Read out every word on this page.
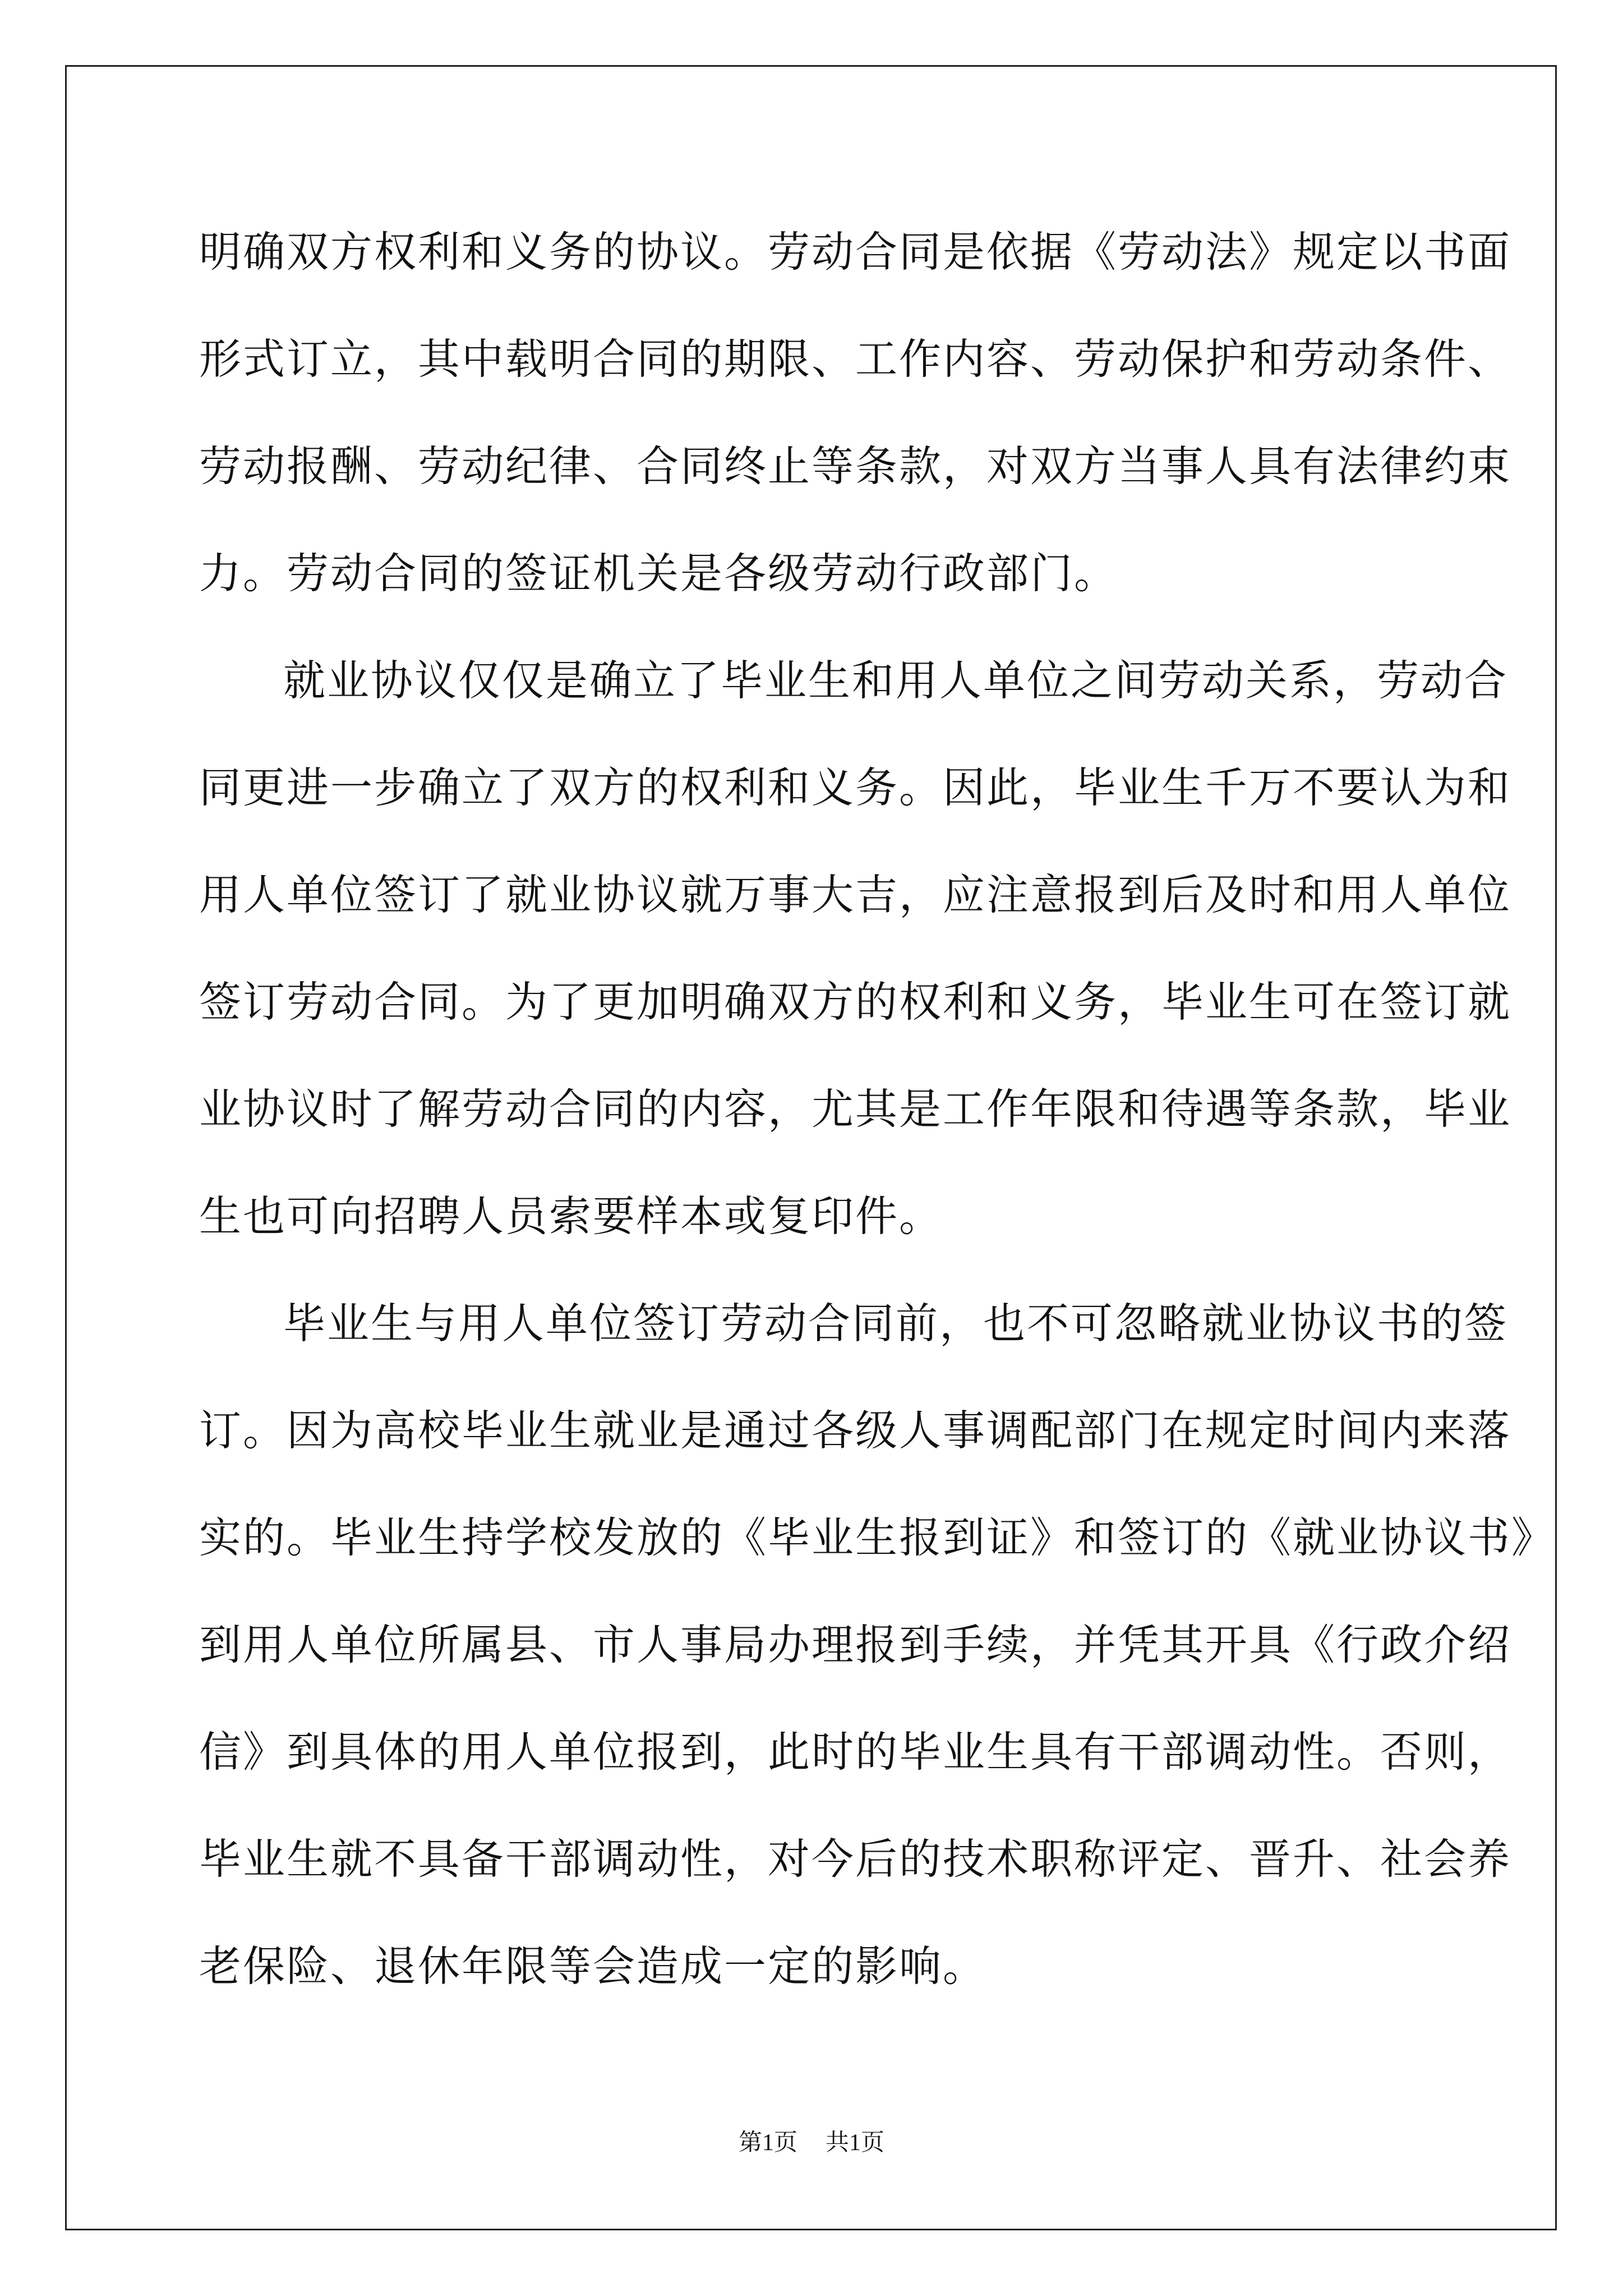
明确双方权利和义务的协议。劳动合同是依据《劳动法》规定以书面
形式订立，其中载明合同的期限、工作内容、劳动保护和劳动条件、
劳动报酬、劳动纪律、合同终止等条款，对双方当事人具有法律约束
力。劳动合同的签证机关是各级劳动行政部门。
就业协议仅仅是确立了毕业生和用人单位之间劳动关系，劳动合
同更进一步确立了双方的权利和义务。因此，毕业生千万不要认为和
用人单位签订了就业协议就万事大吉，应注意报到后及时和用人单位
签订劳动合同。为了更加明确双方的权利和义务，毕业生可在签订就
业协议时了解劳动合同的内容，尤其是工作年限和待遇等条款，毕业
生也可向招聘人员索要样本或复印件。
毕业生与用人单位签订劳动合同前，也不可忽略就业协议书的签
订。因为高校毕业生就业是通过各级人事调配部门在规定时间内来落
实的。毕业生持学校发放的《毕业生报到证》和签订的《就业协议书》
到用人单位所属县、市人事局办理报到手续，并凭其开具《行政介绍
信》到具体的用人单位报到，此时的毕业生具有干部调动性。否则，
毕业生就不具备干部调动性，对今后的技术职称评定、晋升、社会养
老保险、退休年限等会造成一定的影响。
第1页 共1页
